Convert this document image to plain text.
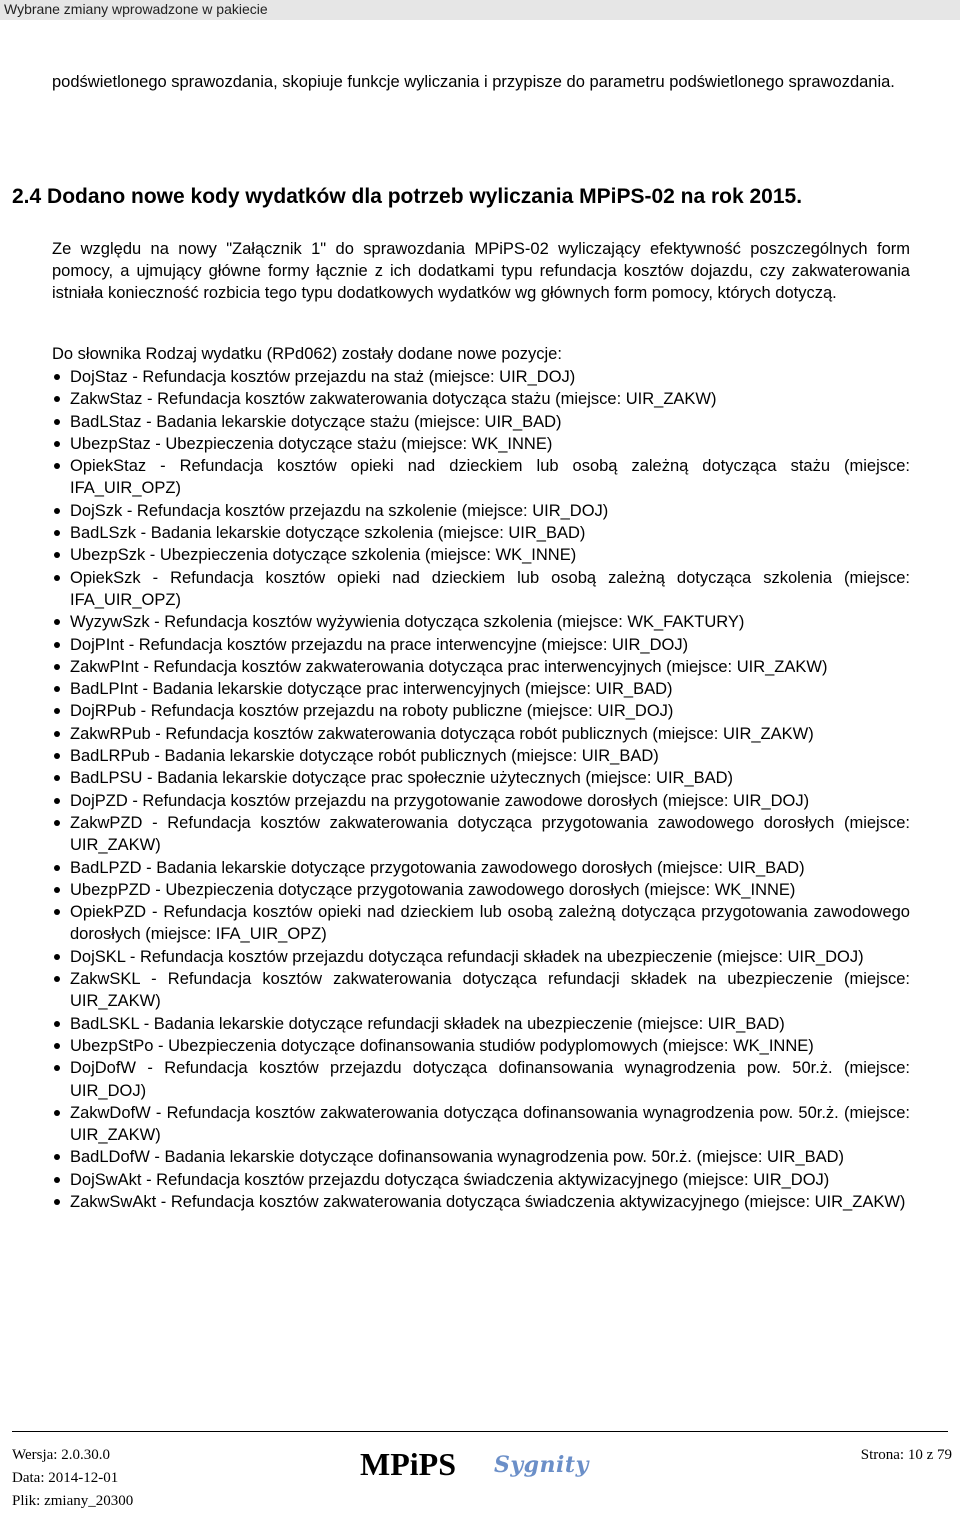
Wybrane zmiany wprowadzone w pakiecie
podświetlonego sprawozdania, skopiuje funkcje wyliczania i przypisze do parametru podświetlonego sprawozdania.
2.4 Dodano nowe kody wydatków dla potrzeb wyliczania MPiPS-02 na rok 2015.
Ze względu na nowy "Załącznik 1" do sprawozdania MPiPS-02 wyliczający efektywność poszczególnych form pomocy, a ujmujący główne formy łącznie z ich dodatkami typu refundacja kosztów dojazdu, czy zakwaterowania istniała konieczność rozbicia tego typu dodatkowych wydatków wg głównych form pomocy, których dotyczą.
Do słownika Rodzaj wydatku (RPd062) zostały dodane nowe pozycje:
DojStaz - Refundacja kosztów przejazdu na staż (miejsce: UIR_DOJ)
ZakwStaz - Refundacja kosztów zakwaterowania dotycząca stażu (miejsce: UIR_ZAKW)
BadLStaz - Badania lekarskie dotyczące stażu (miejsce: UIR_BAD)
UbezpStaz - Ubezpieczenia dotyczące stażu (miejsce: WK_INNE)
OpiekStaz - Refundacja kosztów opieki nad dzieckiem lub osobą zależną dotycząca stażu (miejsce: IFA_UIR_OPZ)
DojSzk - Refundacja kosztów przejazdu na szkolenie (miejsce: UIR_DOJ)
BadLSzk - Badania lekarskie dotyczące szkolenia (miejsce: UIR_BAD)
UbezpSzk - Ubezpieczenia dotyczące szkolenia (miejsce: WK_INNE)
OpiekSzk - Refundacja kosztów opieki nad dzieckiem lub osobą zależną dotycząca szkolenia (miejsce: IFA_UIR_OPZ)
WyzywSzk - Refundacja kosztów wyżywienia dotycząca szkolenia (miejsce: WK_FAKTURY)
DojPInt - Refundacja kosztów przejazdu na prace interwencyjne (miejsce: UIR_DOJ)
ZakwPInt - Refundacja kosztów zakwaterowania dotycząca prac interwencyjnych (miejsce: UIR_ZAKW)
BadLPInt - Badania lekarskie dotyczące prac interwencyjnych (miejsce: UIR_BAD)
DojRPub - Refundacja kosztów przejazdu na roboty publiczne (miejsce: UIR_DOJ)
ZakwRPub - Refundacja kosztów zakwaterowania dotycząca robót publicznych (miejsce: UIR_ZAKW)
BadLRPub - Badania lekarskie dotyczące robót publicznych (miejsce: UIR_BAD)
BadLPSU - Badania lekarskie dotyczące prac społecznie użytecznych (miejsce: UIR_BAD)
DojPZD - Refundacja kosztów przejazdu na przygotowanie zawodowe dorosłych (miejsce: UIR_DOJ)
ZakwPZD - Refundacja kosztów zakwaterowania dotycząca przygotowania zawodowego dorosłych (miejsce: UIR_ZAKW)
BadLPZD - Badania lekarskie dotyczące przygotowania zawodowego dorosłych (miejsce: UIR_BAD)
UbezpPZD - Ubezpieczenia dotyczące przygotowania zawodowego dorosłych (miejsce: WK_INNE)
OpiekPZD - Refundacja kosztów opieki nad dzieckiem lub osobą zależną dotycząca przygotowania zawodowego dorosłych (miejsce: IFA_UIR_OPZ)
DojSKL - Refundacja kosztów przejazdu dotycząca refundacji składek na ubezpieczenie (miejsce: UIR_DOJ)
ZakwSKL - Refundacja kosztów zakwaterowania dotycząca refundacji składek na ubezpieczenie (miejsce: UIR_ZAKW)
BadLSKL - Badania lekarskie dotyczące refundacji składek na ubezpieczenie (miejsce: UIR_BAD)
UbezpStPo - Ubezpieczenia dotyczące dofinansowania studiów podyplomowych (miejsce: WK_INNE)
DojDofW - Refundacja kosztów przejazdu dotycząca dofinansowania wynagrodzenia pow. 50r.ż. (miejsce: UIR_DOJ)
ZakwDofW - Refundacja kosztów zakwaterowania dotycząca dofinansowania wynagrodzenia pow. 50r.ż. (miejsce: UIR_ZAKW)
BadLDofW - Badania lekarskie dotyczące dofinansowania wynagrodzenia pow. 50r.ż. (miejsce: UIR_BAD)
DojSwAkt - Refundacja kosztów przejazdu dotycząca świadczenia aktywizacyjnego (miejsce: UIR_DOJ)
ZakwSwAkt - Refundacja kosztów zakwaterowania dotycząca świadczenia aktywizacyjnego (miejsce: UIR_ZAKW)
Wersja: 2.0.30.0
Data: 2014-12-01
Plik: zmiany_20300
MPiPS Sygnity	Strona: 10 z 79
